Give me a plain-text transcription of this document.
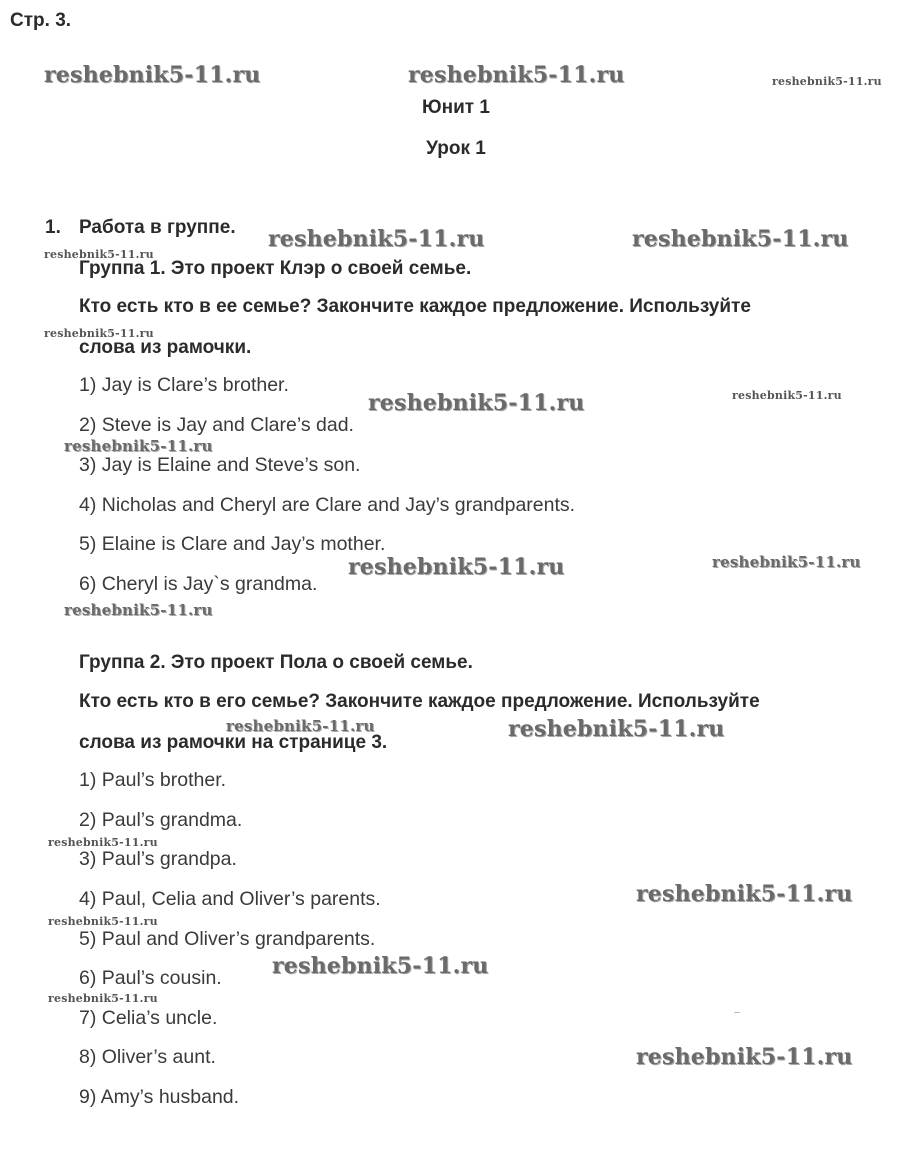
Стр. 3.
Юнит 1
Урок 1
1. Работа в группе.
Группа 1. Это проект Клэр о своей семье.
Кто есть кто в ее семье? Закончите каждое предложение. Используйте
слова из рамочки.
1) Jay is Clare’s brother.
2) Steve is Jay and Clare’s dad.
3) Jay is Elaine and Steve’s son.
4) Nicholas and Cheryl are Clare and Jay’s grandparents.
5) Elaine is Clare and Jay’s mother.
6) Cheryl is Jay`s grandma.
Группа 2. Это проект Пола о своей семье.
Кто есть кто в его семье? Закончите каждое предложение. Используйте
слова из рамочки на странице 3.
1) Paul’s brother.
2) Paul’s grandma.
3) Paul’s grandpa.
4) Paul, Celia and Oliver’s parents.
5) Paul and Oliver’s grandparents.
6) Paul’s cousin.
7) Celia’s uncle.
8) Oliver’s aunt.
9) Amy’s husband.
reshebnik5-11.ru	reshebnik5-11.ru	reshebnik5-11.ru
reshebnik5-11.ru	reshebnik5-11.ru
reshebnik5-11.ru
reshebnik5-11.ru
reshebnik5-11.ru	reshebnik5-11.ru
reshebnik5-11.ru
reshebnik5-11.ru	reshebnik5-11.ru
reshebnik5-11.ru
reshebnik5-11.ru	reshebnik5-11.ru
reshebnik5-11.ru
reshebnik5-11.ru
reshebnik5-11.ru
reshebnik5-11.ru
reshebnik5-11.ru
reshebnik5-11.ru
